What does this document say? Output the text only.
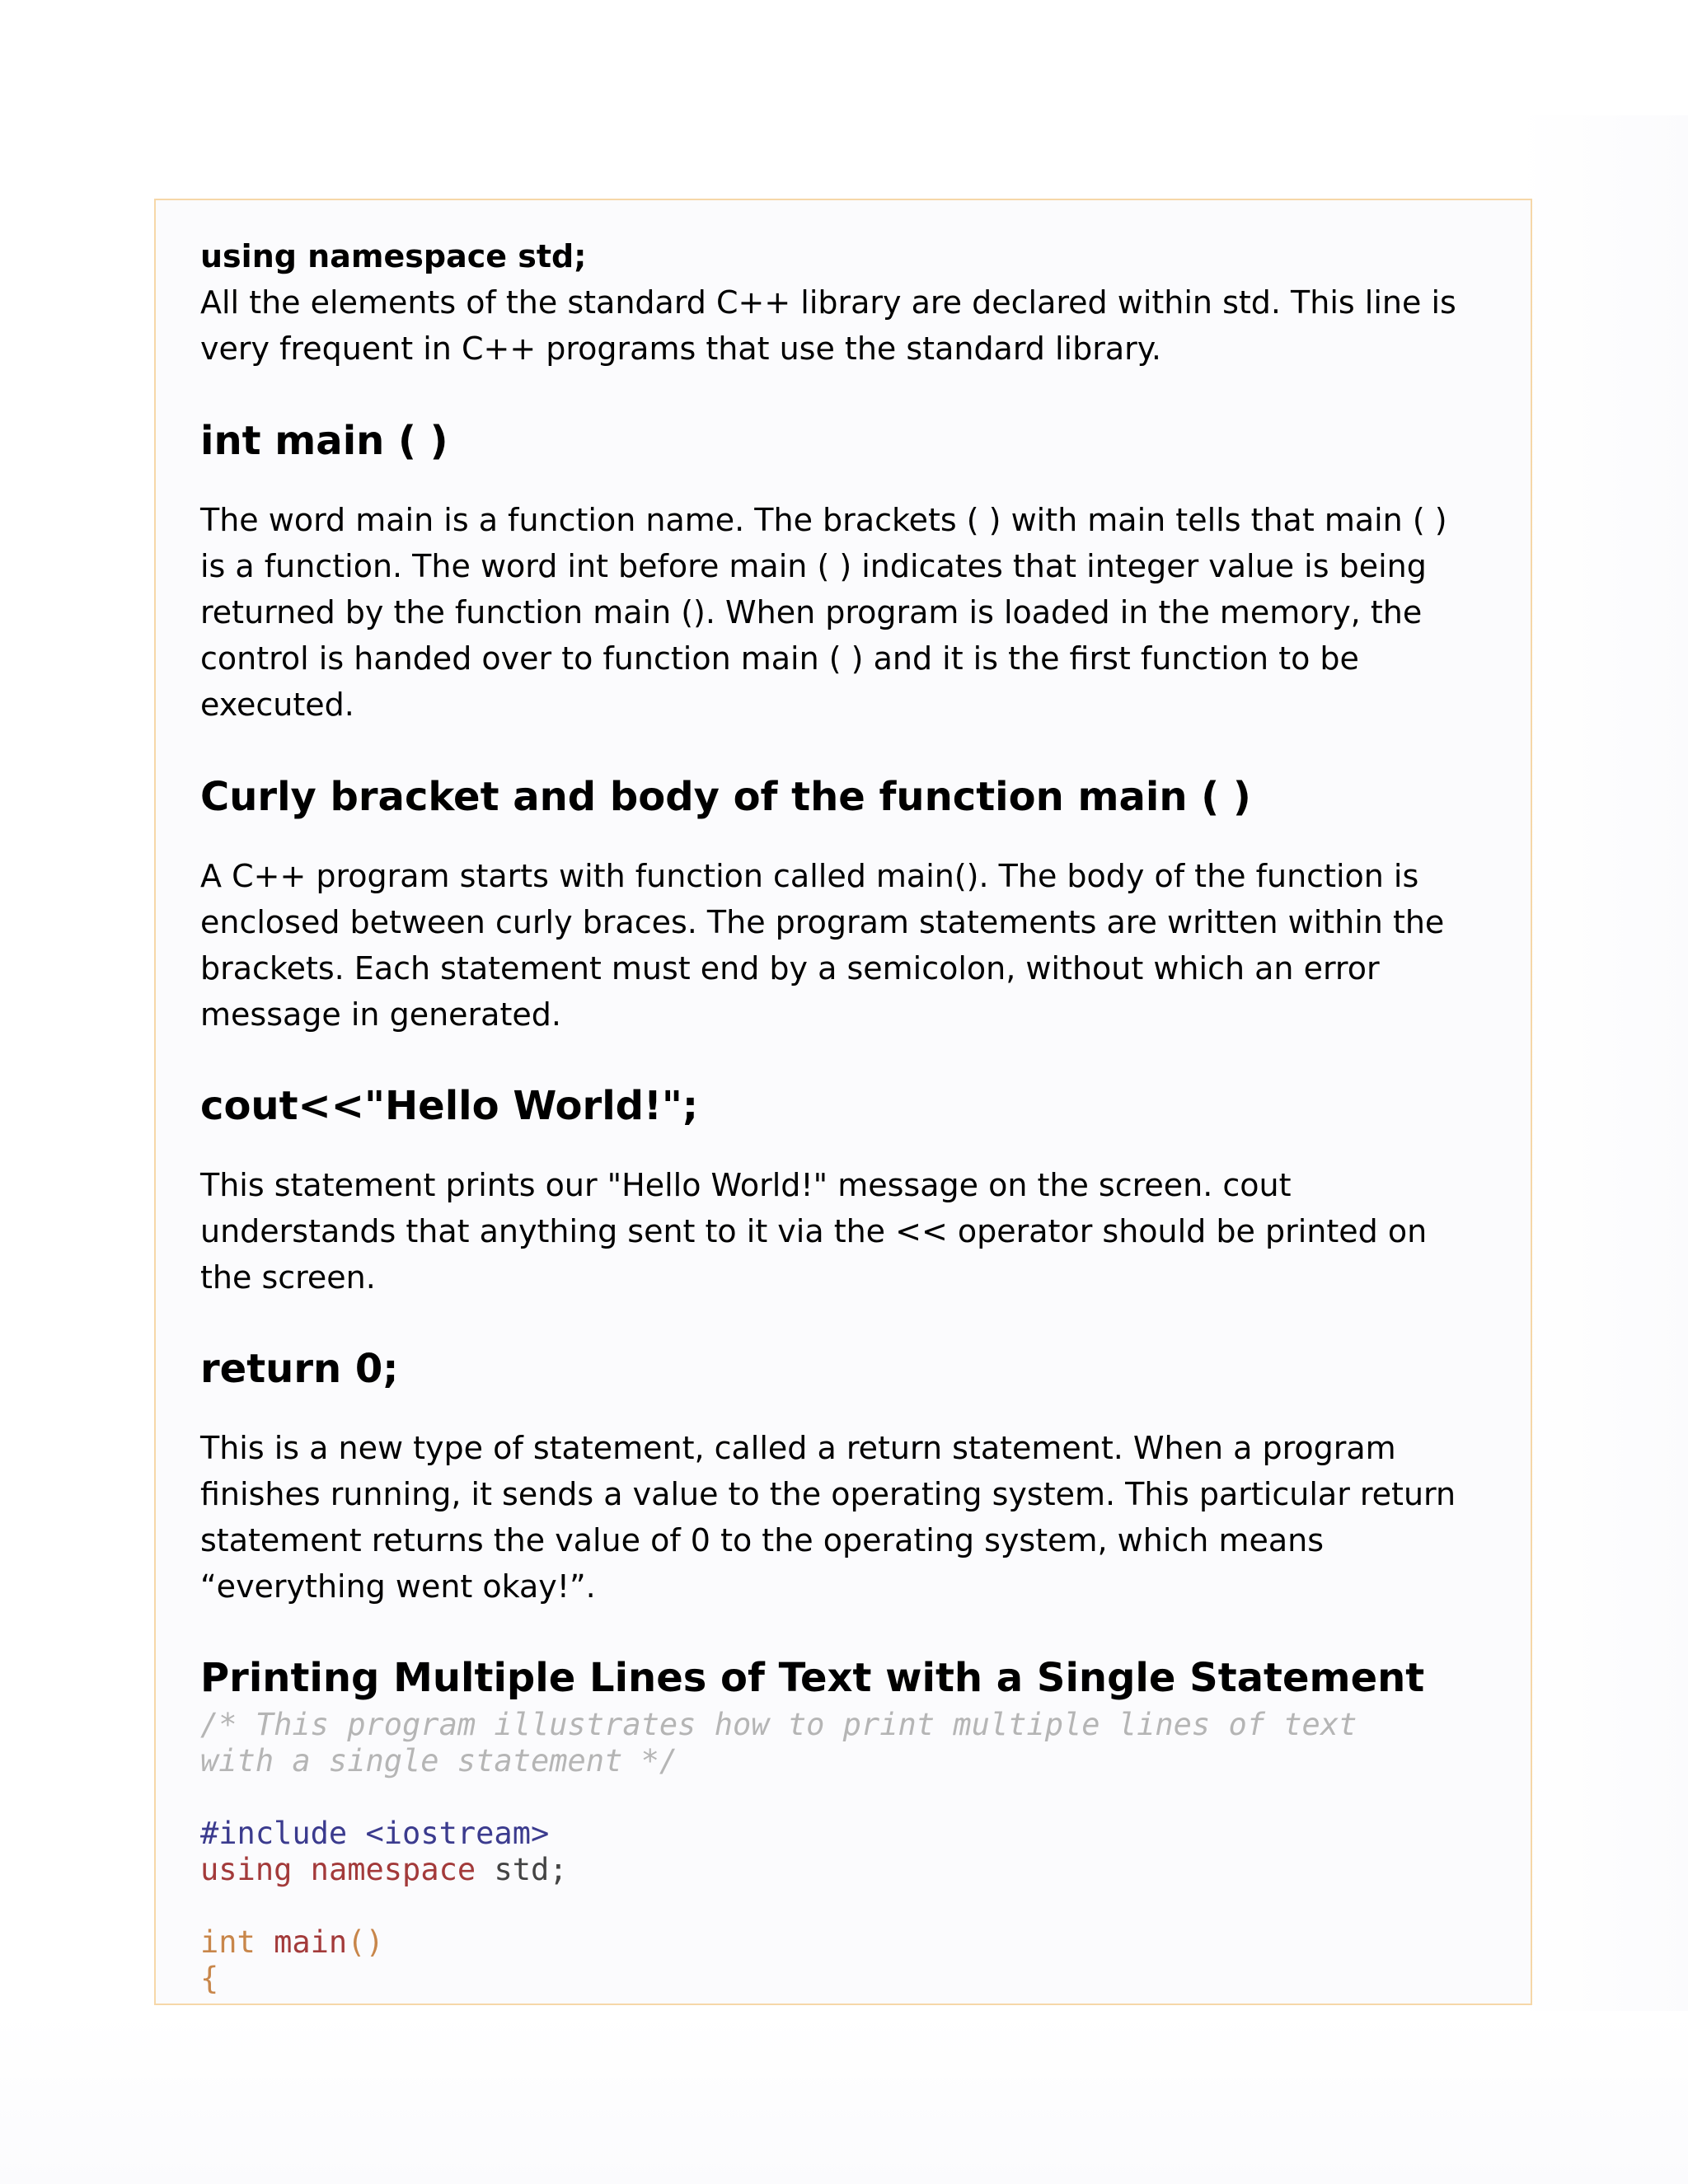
using namespace std;

All the elements of the standard C++ library are declared within std. This line is

very frequent in C++ programs that use the standard library.

int main ( )

The word main is a function name. The brackets ( ) with main tells that main ( )

is a function. The word int before main ( ) indicates that integer value is being

returned by the function main (). When program is loaded in the memory, the

control is handed over to function main ( ) and it is the first function to be

executed.

Curly bracket and body of the function main ( )

A C++ program starts with function called main(). The body of the function is

enclosed between curly braces. The program statements are written within the

brackets. Each statement must end by a semicolon, without which an error

message in generated.

cout<<"Hello World!";

This statement prints our "Hello World!" message on the screen. cout

understands that anything sent to it via the << operator should be printed on

the screen.

return 0;

This is a new type of statement, called a return statement. When a program

finishes running, it sends a value to the operating system. This particular return

statement returns the value of 0 to the operating system, which means

“everything went okay!”.

Printing Multiple Lines of Text with a Single Statement

/* This program illustrates how to print multiple lines of text

with a single statement */

#include <iostream>

using namespace std;

int main()

{
